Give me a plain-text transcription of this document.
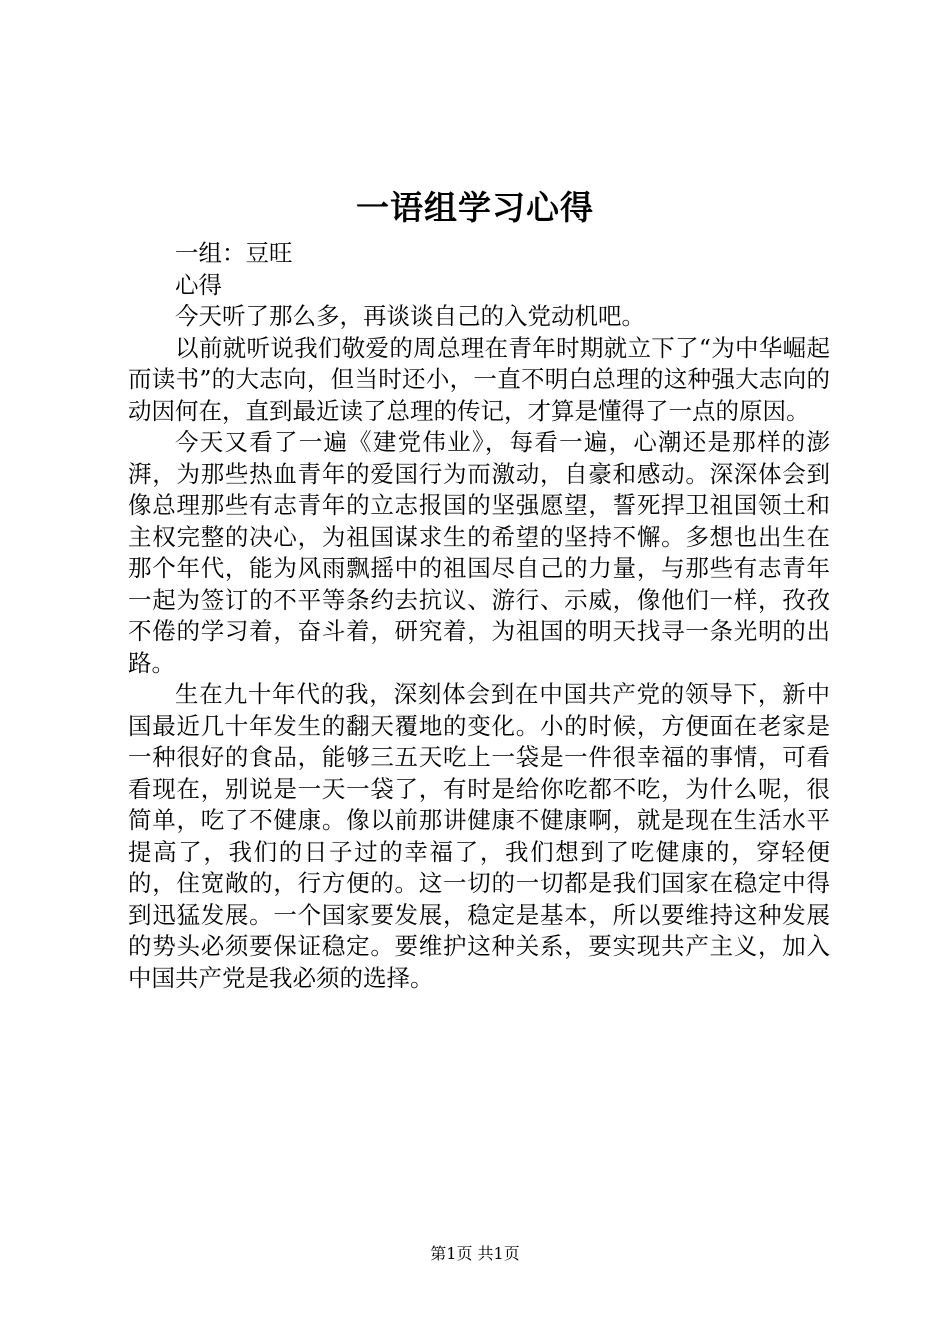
一语组学习心得

一组：豆旺

心得

今天听了那么多，再谈谈自己的入党动机吧。

以前就听说我们敬爱的周总理在青年时期就立下了“为中华崛起而读书”的大志向，但当时还小，一直不明白总理的这种强大志向的动因何在，直到最近读了总理的传记，才算是懂得了一点的原因。

今天又看了一遍《建党伟业》，每看一遍，心潮还是那样的澎湃，为那些热血青年的爱国行为而激动，自豪和感动。深深体会到像总理那些有志青年的立志报国的坚强愿望，誓死捍卫祖国领土和主权完整的决心，为祖国谋求生的希望的坚持不懈。多想也出生在那个年代，能为风雨飘摇中的祖国尽自己的力量，与那些有志青年一起为签订的不平等条约去抗议、游行、示威，像他们一样，孜孜不倦的学习着，奋斗着，研究着，为祖国的明天找寻一条光明的出路。

生在九十年代的我，深刻体会到在中国共产党的领导下，新中国最近几十年发生的翻天覆地的变化。小的时候，方便面在老家是一种很好的食品，能够三五天吃上一袋是一件很幸福的事情，可看看现在，别说是一天一袋了，有时是给你吃都不吃，为什么呢，很简单，吃了不健康。像以前那讲健康不健康啊，就是现在生活水平提高了，我们的日子过的幸福了，我们想到了吃健康的，穿轻便的，住宽敞的，行方便的。这一切的一切都是我们国家在稳定中得到迅猛发展。一个国家要发展，稳定是基本，所以要维持这种发展的势头必须要保证稳定。要维护这种关系，要实现共产主义，加入中国共产党是我必须的选择。

第1页 共1页
